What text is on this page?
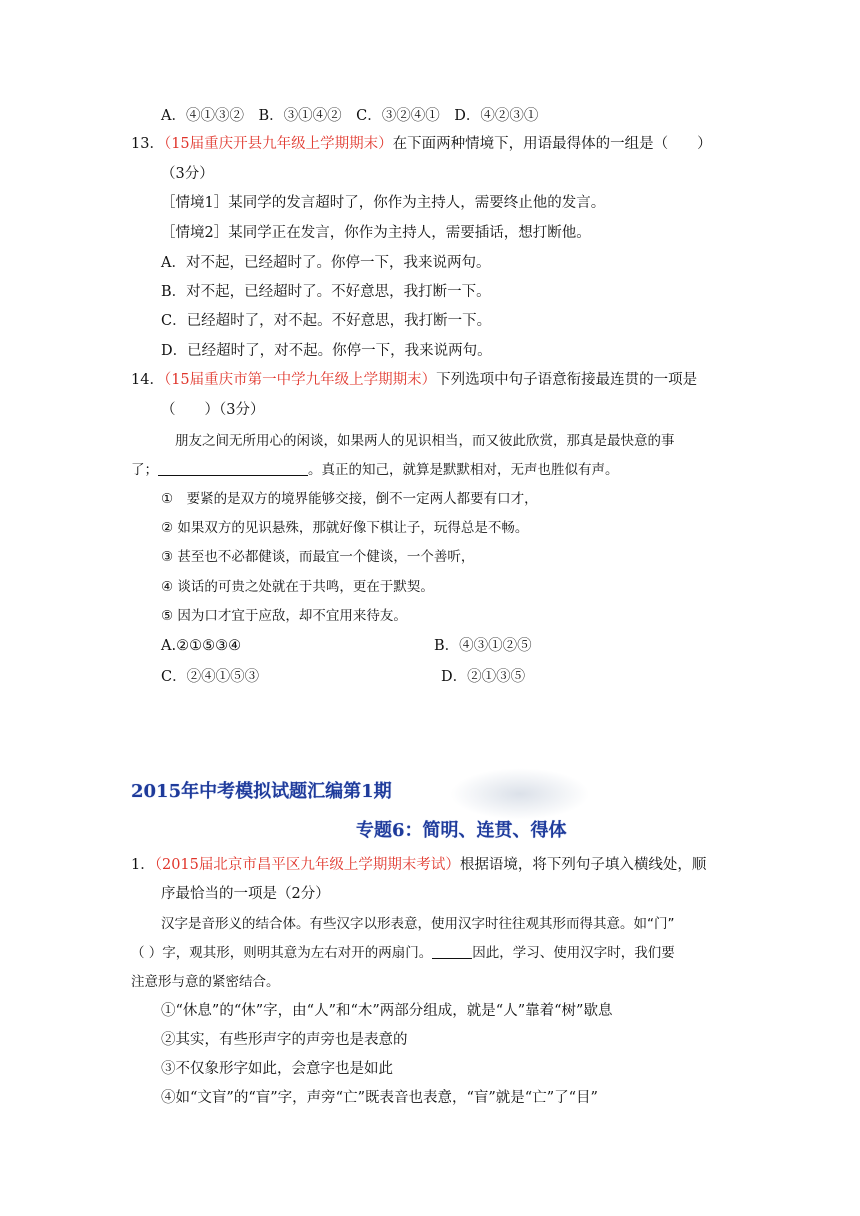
A．④①③②　B．③①④②　C．③②④①　D．④②③①
13．（15届重庆开县九年级上学期期末）在下面两种情境下，用语最得体的一组是（　　）
（3分）
［情境1］某同学的发言超时了，你作为主持人，需要终止他的发言。
［情境2］某同学正在发言，你作为主持人，需要插话，想打断他。
A．对不起，已经超时了。你停一下，我来说两句。
B．对不起，已经超时了。不好意思，我打断一下。
C．已经超时了，对不起。不好意思，我打断一下。
D．已经超时了，对不起。你停一下，我来说两句。
14．（15届重庆市第一中学九年级上学期期末）下列选项中句子语意衔接最连贯的一项是
（　　）（3分）
朋友之间无所用心的闲谈，如果两人的见识相当，而又彼此欣赏，那真是最快意的事
了；	。真正的知己，就算是默默相对，无声也胜似有声。
①　要紧的是双方的境界能够交接，倒不一定两人都要有口才，
② 如果双方的见识悬殊，那就好像下棋让子，玩得总是不畅。
③ 甚至也不必都健谈，而最宜一个健谈，一个善听，
④ 谈话的可贵之处就在于共鸣，更在于默契。
⑤ 因为口才宜于应敌，却不宜用来待友。
A.②①⑤③④	B．④③①②⑤
C．②④①⑤③	D．②①③⑤
2015年中考模拟试题汇编第1期
专题6：简明、连贯、得体
1．（2015届北京市昌平区九年级上学期期末考试）根据语境，将下列句子填入横线处，顺
序最恰当的一项是（2分）
汉字是音形义的结合体。有些汉字以形表意，使用汉字时往往观其形而得其意。如“门”
（ ）字，观其形，则明其意为左右对开的两扇门。	因此，学习、使用汉字时，我们要
注意形与意的紧密结合。
①“休息”的“休”字，由“人”和“木”两部分组成，就是“人”靠着“树”歇息
②其实，有些形声字的声旁也是表意的
③不仅象形字如此，会意字也是如此
④如“文盲”的“盲”字，声旁“亡”既表音也表意，“盲”就是“亡”了“目”
